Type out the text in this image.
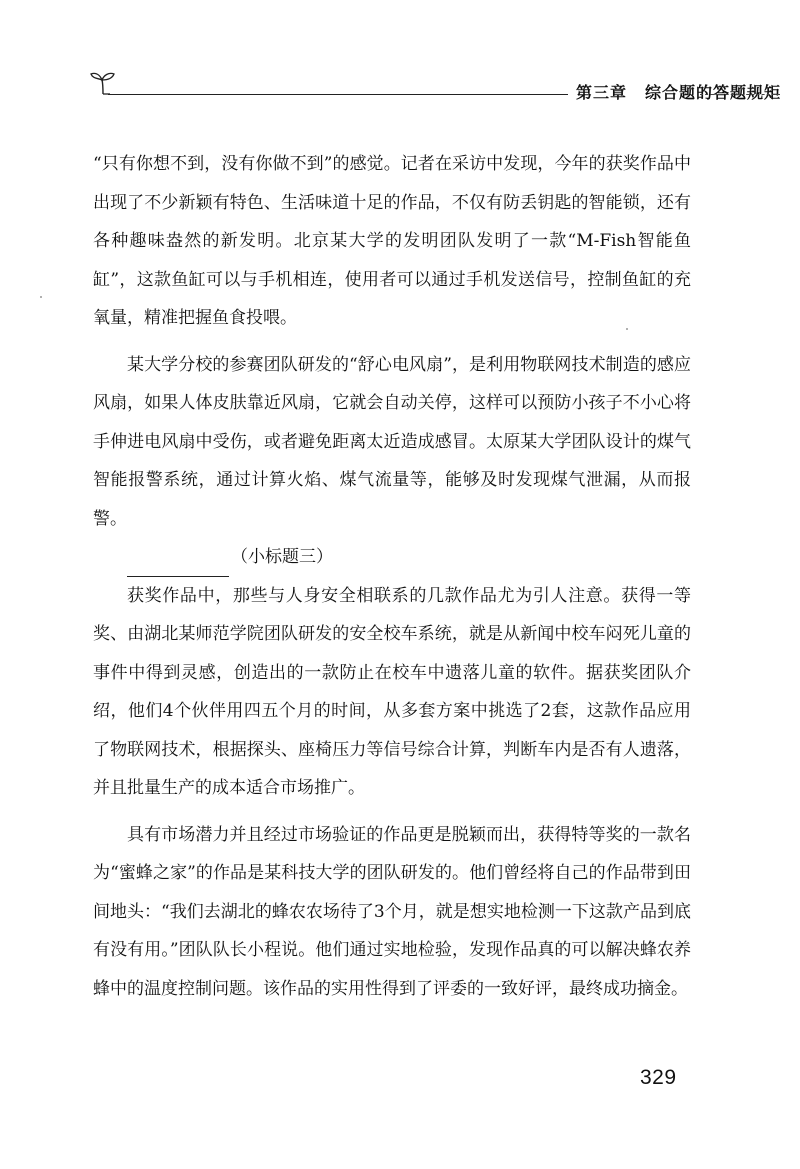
第三章 综合题的答题规矩

“只有你想不到，没有你做不到”的感觉。记者在采访中发现，今年的获奖作品中出现了不少新颖有特色、生活味道十足的作品，不仅有防丢钥匙的智能锁，还有各种趣味盎然的新发明。北京某大学的发明团队发明了一款“M-Fish智能鱼缸”，这款鱼缸可以与手机相连，使用者可以通过手机发送信号，控制鱼缸的充氧量，精准把握鱼食投喂。

某大学分校的参赛团队研发的“舒心电风扇”，是利用物联网技术制造的感应风扇，如果人体皮肤靠近风扇，它就会自动关停，这样可以预防小孩子不小心将手伸进电风扇中受伤，或者避免距离太近造成感冒。太原某大学团队设计的煤气智能报警系统，通过计算火焰、煤气流量等，能够及时发现煤气泄漏，从而报警。

（小标题三）

获奖作品中，那些与人身安全相联系的几款作品尤为引人注意。获得一等奖、由湖北某师范学院团队研发的安全校车系统，就是从新闻中校车闷死儿童的事件中得到灵感，创造出的一款防止在校车中遗落儿童的软件。据获奖团队介绍，他们4个伙伴用四五个月的时间，从多套方案中挑选了2套，这款作品应用了物联网技术，根据探头、座椅压力等信号综合计算，判断车内是否有人遗落，并且批量生产的成本适合市场推广。

具有市场潜力并且经过市场验证的作品更是脱颖而出，获得特等奖的一款名为“蜜蜂之家”的作品是某科技大学的团队研发的。他们曾经将自己的作品带到田间地头：“我们去湖北的蜂农农场待了3个月，就是想实地检测一下这款产品到底有没有用。”团队队长小程说。他们通过实地检验，发现作品真的可以解决蜂农养蜂中的温度控制问题。该作品的实用性得到了评委的一致好评，最终成功摘金。

329
